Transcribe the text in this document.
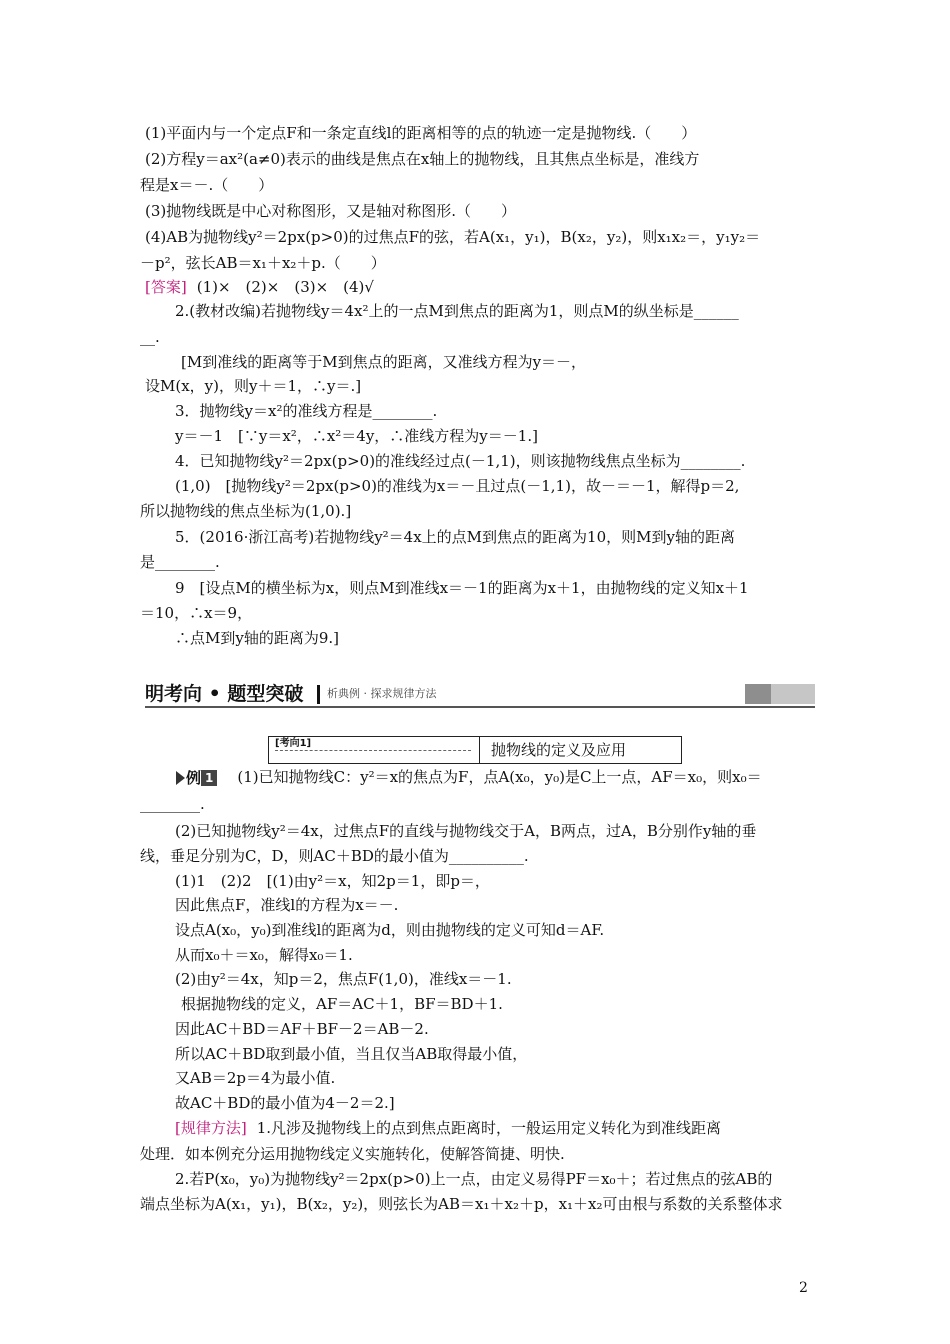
(1)平面内与一个定点F和一条定直线l的距离相等的点的轨迹一定是抛物线.（　　）
(2)方程y＝ax²(a≠0)表示的曲线是焦点在x轴上的抛物线，且其焦点坐标是，准线方
程是x＝－.（　　）
(3)抛物线既是中心对称图形，又是轴对称图形.（　　）
(4)AB为抛物线y²＝2px(p>0)的过焦点F的弦，若A(x₁，y₁)，B(x₂，y₂)，则x₁x₂＝，y₁y₂＝
－p²，弦长AB＝x₁＋x₂＋p.（　　）
[答案] (1)×　(2)×　(3)×　(4)√
2.(教材改编)若抛物线y＝4x²上的一点M到焦点的距离为1，则点M的纵坐标是______
__.
[M到准线的距离等于M到焦点的距离，又准线方程为y＝－，
设M(x，y)，则y＋＝1，∴y＝.]
3．抛物线y＝x²的准线方程是________.
y＝－1　[∵y＝x²，∴x²＝4y，∴准线方程为y＝－1.]
4．已知抛物线y²＝2px(p>0)的准线经过点(－1,1)，则该抛物线焦点坐标为________.
(1,0)　[抛物线y²＝2px(p>0)的准线为x＝－且过点(－1,1)，故－＝－1，解得p＝2,
所以抛物线的焦点坐标为(1,0).]
5．(2016·浙江高考)若抛物线y²＝4x上的点M到焦点的距离为10，则M到y轴的距离
是________.
9　[设点M的横坐标为x，则点M到准线x＝－1的距离为x＋1，由抛物线的定义知x＋1
＝10，∴x＝9，
∴点M到y轴的距离为9.]
明考向 • 题型突破 析典例 · 探求规律方法
[考向1]	抛物线的定义及应用
例 1 (1)已知抛物线C：y²＝x的焦点为F，点A(x₀，y₀)是C上一点，AF＝x₀，则x₀＝
________.
(2)已知抛物线y²＝4x，过焦点F的直线与抛物线交于A，B两点，过A，B分别作y轴的垂
线，垂足分别为C，D，则AC＋BD的最小值为__________.
(1)1　(2)2　[(1)由y²＝x，知2p＝1，即p＝，
因此焦点F，准线l的方程为x＝－.
设点A(x₀，y₀)到准线l的距离为d，则由抛物线的定义可知d＝AF.
从而x₀＋＝x₀，解得x₀＝1.
(2)由y²＝4x，知p＝2，焦点F(1,0)，准线x＝－1.
根据抛物线的定义，AF＝AC＋1，BF＝BD＋1.
因此AC＋BD＝AF＋BF－2＝AB－2.
所以AC＋BD取到最小值，当且仅当AB取得最小值，
又AB＝2p＝4为最小值.
故AC＋BD的最小值为4－2＝2.]
[规律方法] 1.凡涉及抛物线上的点到焦点距离时，一般运用定义转化为到准线距离
处理．如本例充分运用抛物线定义实施转化，使解答简捷、明快.
2.若P(x₀，y₀)为抛物线y²＝2px(p>0)上一点，由定义易得PF＝x₀＋；若过焦点的弦AB的
端点坐标为A(x₁，y₁)，B(x₂，y₂)，则弦长为AB＝x₁＋x₂＋p，x₁＋x₂可由根与系数的关系整体求
2
